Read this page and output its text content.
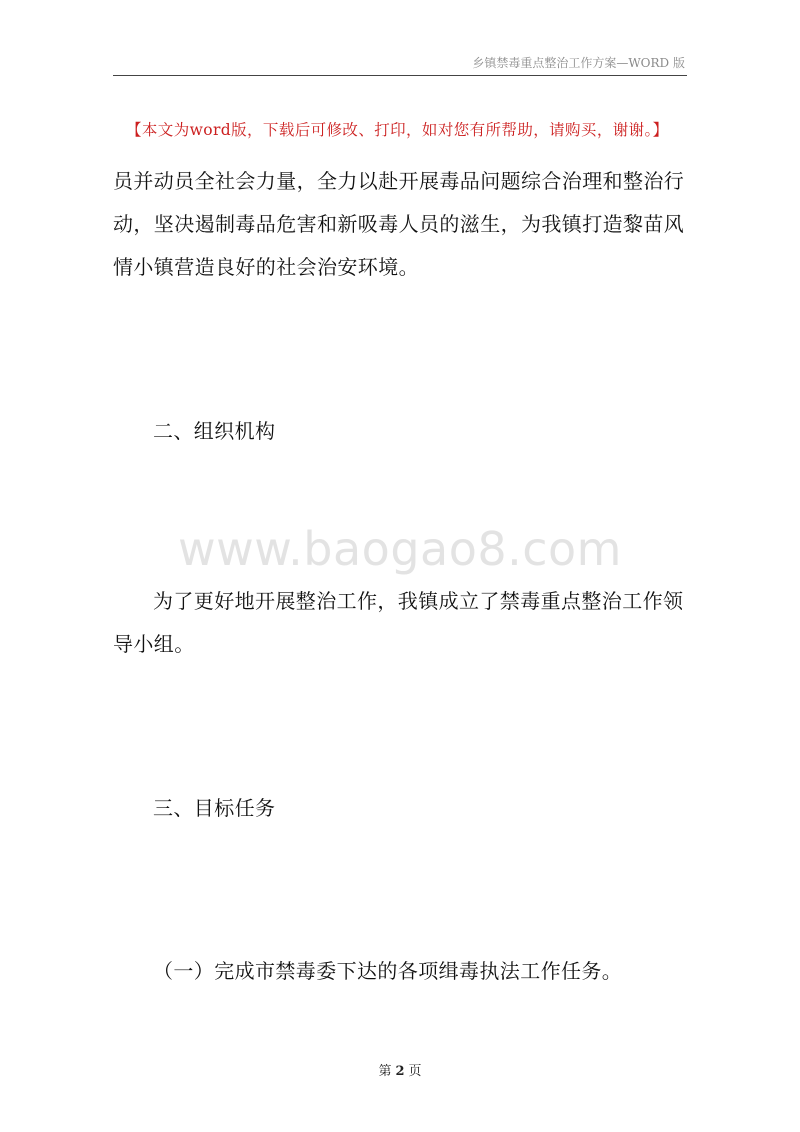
乡镇禁毒重点整治工作方案—WORD 版
【本文为word版，下载后可修改、打印，如对您有所帮助，请购买，谢谢。】

员并动员全社会力量，全力以赴开展毒品问题综合治理和整治行动，坚决遏制毒品危害和新吸毒人员的滋生，为我镇打造黎苗风情小镇营造良好的社会治安环境。

二、组织机构

www.baogao8.com

为了更好地开展整治工作，我镇成立了禁毒重点整治工作领导小组。

三、目标任务

（一）完成市禁毒委下达的各项缉毒执法工作任务。

第 2 页
